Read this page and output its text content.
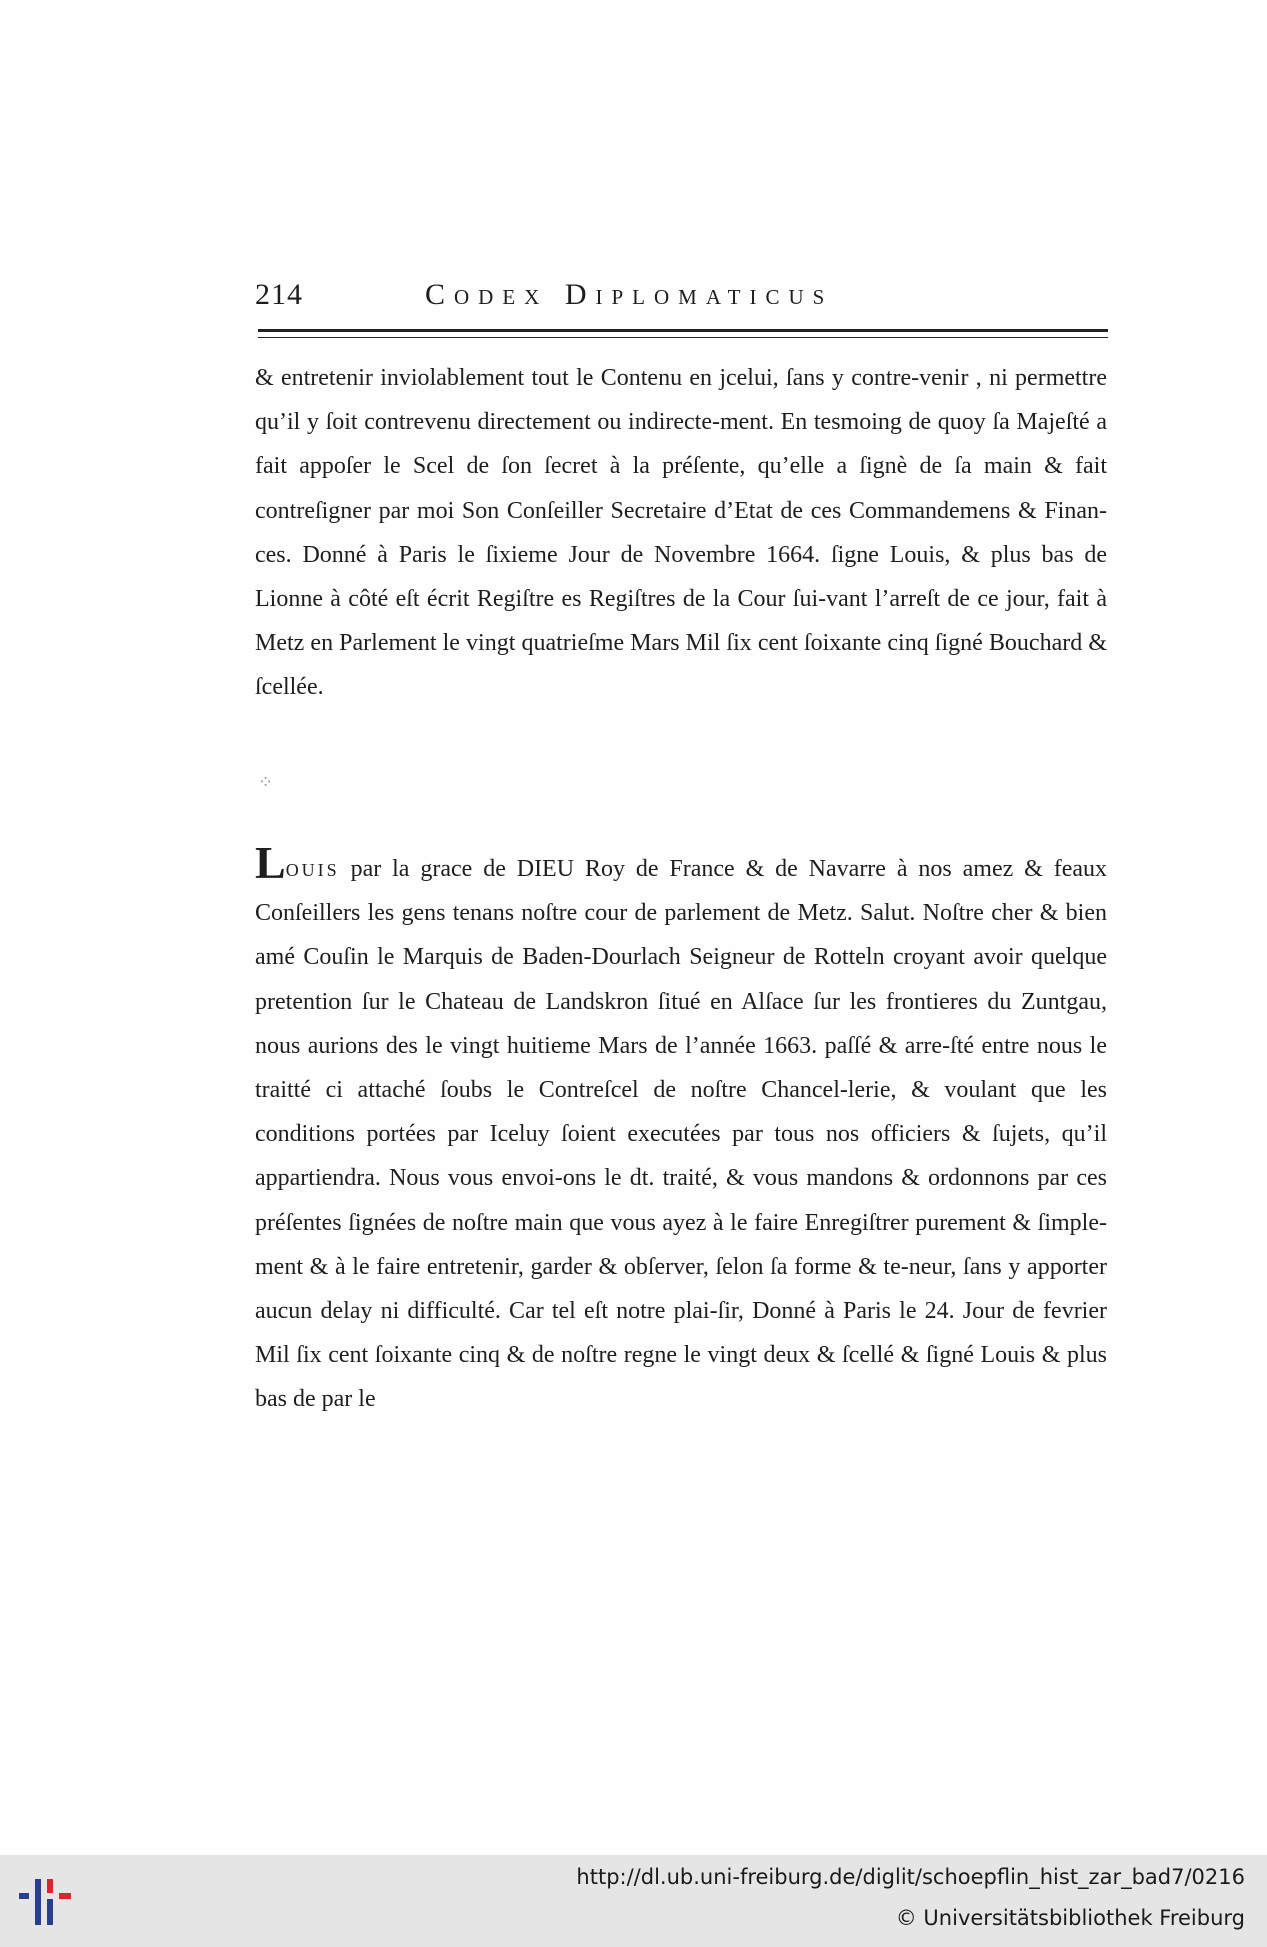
214	Codex Diplomaticus

& entretenir inviolablement tout le Contenu en jcelui, ſans y contre-venir , ni permettre qu’il y ſoit contrevenu directement ou indirecte-ment. En tesmoing de quoy ſa Majeſté a fait appoſer le Scel de ſon ſecret à la préſente, qu’elle a ſignè de ſa main & fait contreſigner par moi Son Conſeiller Secretaire d’Etat de ces Commandemens & Finan-ces. Donné à Paris le ſixieme Jour de Novembre 1664. ſigne Louis, & plus bas de Lionne à côté eſt écrit Regiſtre es Regiſtres de la Cour ſui-vant l’arreſt de ce jour, fait à Metz en Parlement le vingt quatrieſme Mars Mil ſix cent ſoixante cinq ſigné Bouchard & ſcellée.

⁘

Louis par la grace de DIEU Roy de France & de Navarre à nos amez & feaux Conſeillers les gens tenans noſtre cour de parlement de Metz. Salut. Noſtre cher & bien amé Couſin le Marquis de Baden-Dourlach Seigneur de Rotteln croyant avoir quelque pretention ſur le Chateau de Landskron ſitué en Alſace ſur les frontieres du Zuntgau, nous aurions des le vingt huitieme Mars de l’année 1663. paſſé & arre-ſté entre nous le traitté ci attaché ſoubs le Contreſcel de noſtre Chancel-lerie, & voulant que les conditions portées par Iceluy ſoient executées par tous nos officiers & ſujets, qu’il appartiendra. Nous vous envoi-ons le dt. traité, & vous mandons & ordonnons par ces préſentes ſignées de noſtre main que vous ayez à le faire Enregiſtrer purement & ſimple-ment & à le faire entretenir, garder & obſerver, ſelon ſa forme & te-neur, ſans y apporter aucun delay ni difficulté. Car tel eſt notre plai-ſir, Donné à Paris le 24. Jour de fevrier Mil ſix cent ſoixante cinq & de noſtre regne le vingt deux & ſcellé & ſigné Louis & plus bas de par le

http://dl.ub.uni-freiburg.de/diglit/schoepflin_hist_zar_bad7/0216
© Universitätsbibliothek Freiburg
